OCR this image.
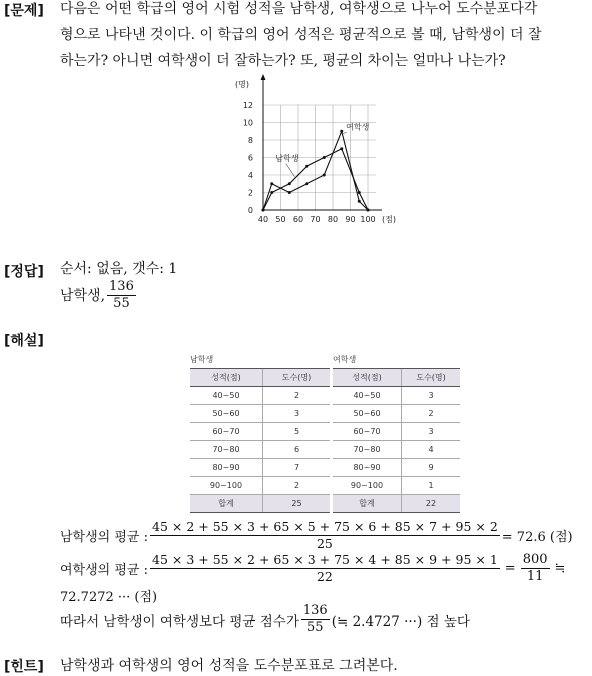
[문제] 다음은 어떤 학급의 영어 시험 성적을 남학생, 여학생으로 나누어 도수분포다각
형으로 나타낸 것이다. 이 학급의 영어 성적은 평균적으로 볼 때, 남학생이 더 잘
하는가? 아니면 여학생이 더 잘하는가? 또, 평균의 차이는 얼마나 나는가?
0
2
4
6
8
10
12
40 50 60 70 80 90 100
(명)
(점)
남학생
여학생
[정답] 순서: 없음, 갯수: 1
남학생, $\frac{136}{55}$
[해설]
남학생
성적(점)	도수(명)
40~50	2
50~60	3
60~70	5
70~80	6
80~90	7
90~100	2
합계	25
여학생
성적(점)	도수(명)
40~50	3
50~60	2
60~70	3
70~80	4
80~90	9
90~100	1
합계	22
남학생의 평균 : $\frac{45 \times 2 + 55 \times 3 + 65 \times 5 + 75 \times 6 + 85 \times 7 + 95 \times 2}{25} = 72.6$ (점)
여학생의 평균 : $\frac{45 \times 3 + 55 \times 2 + 65 \times 3 + 75 \times 4 + 85 \times 9 + 95 \times 1}{22} = \frac{800}{11}$ ≒
72.7272 ··· (점)
따라서 남학생이 여학생보다 평균 점수가 $\frac{136}{55}$ (≒ 2.4727 ···) 점 높다
[힌트] 남학생과 여학생의 영어 성적을 도수분포표로 그려본다.
